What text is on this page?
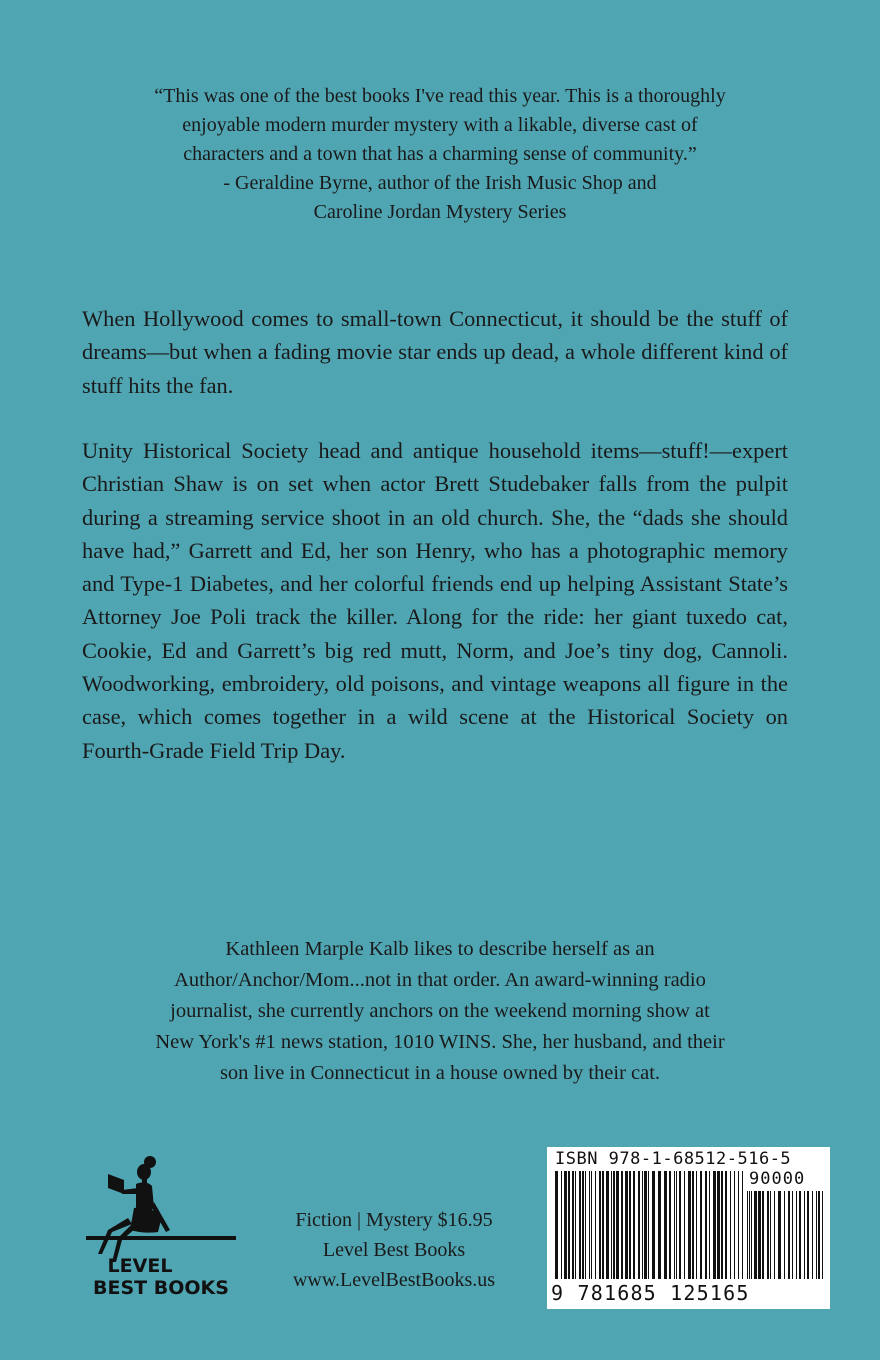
“This was one of the best books I've read this year. This is a thoroughly
enjoyable modern murder mystery with a likable, diverse cast of
characters and a town that has a charming sense of community.”
- Geraldine Byrne, author of the Irish Music Shop and
Caroline Jordan Mystery Series

When Hollywood comes to small-town Connecticut, it should be the stuff of dreams—but when a fading movie star ends up dead, a whole different kind of stuff hits the fan.

Unity Historical Society head and antique household items—stuff!—expert Christian Shaw is on set when actor Brett Studebaker falls from the pulpit during a streaming service shoot in an old church. She, the “dads she should have had,” Garrett and Ed, her son Henry, who has a photographic memory and Type-1 Diabetes, and her colorful friends end up helping Assistant State’s Attorney Joe Poli track the killer. Along for the ride: her giant tuxedo cat, Cookie, Ed and Garrett’s big red mutt, Norm, and Joe’s tiny dog, Cannoli. Woodworking, embroidery, old poisons, and vintage weapons all figure in the case, which comes together in a wild scene at the Historical Society on Fourth-Grade Field Trip Day.

Kathleen Marple Kalb likes to describe herself as an
Author/Anchor/Mom...not in that order. An award-winning radio
journalist, she currently anchors on the weekend morning show at
New York's #1 news station, 1010 WINS. She, her husband, and their
son live in Connecticut in a house owned by their cat.
LEVEL
BEST BOOKS
Fiction | Mystery $16.95
Level Best Books
www.LevelBestBooks.us
ISBN 978-1-68512-516-5
90000
9 781685 125165
